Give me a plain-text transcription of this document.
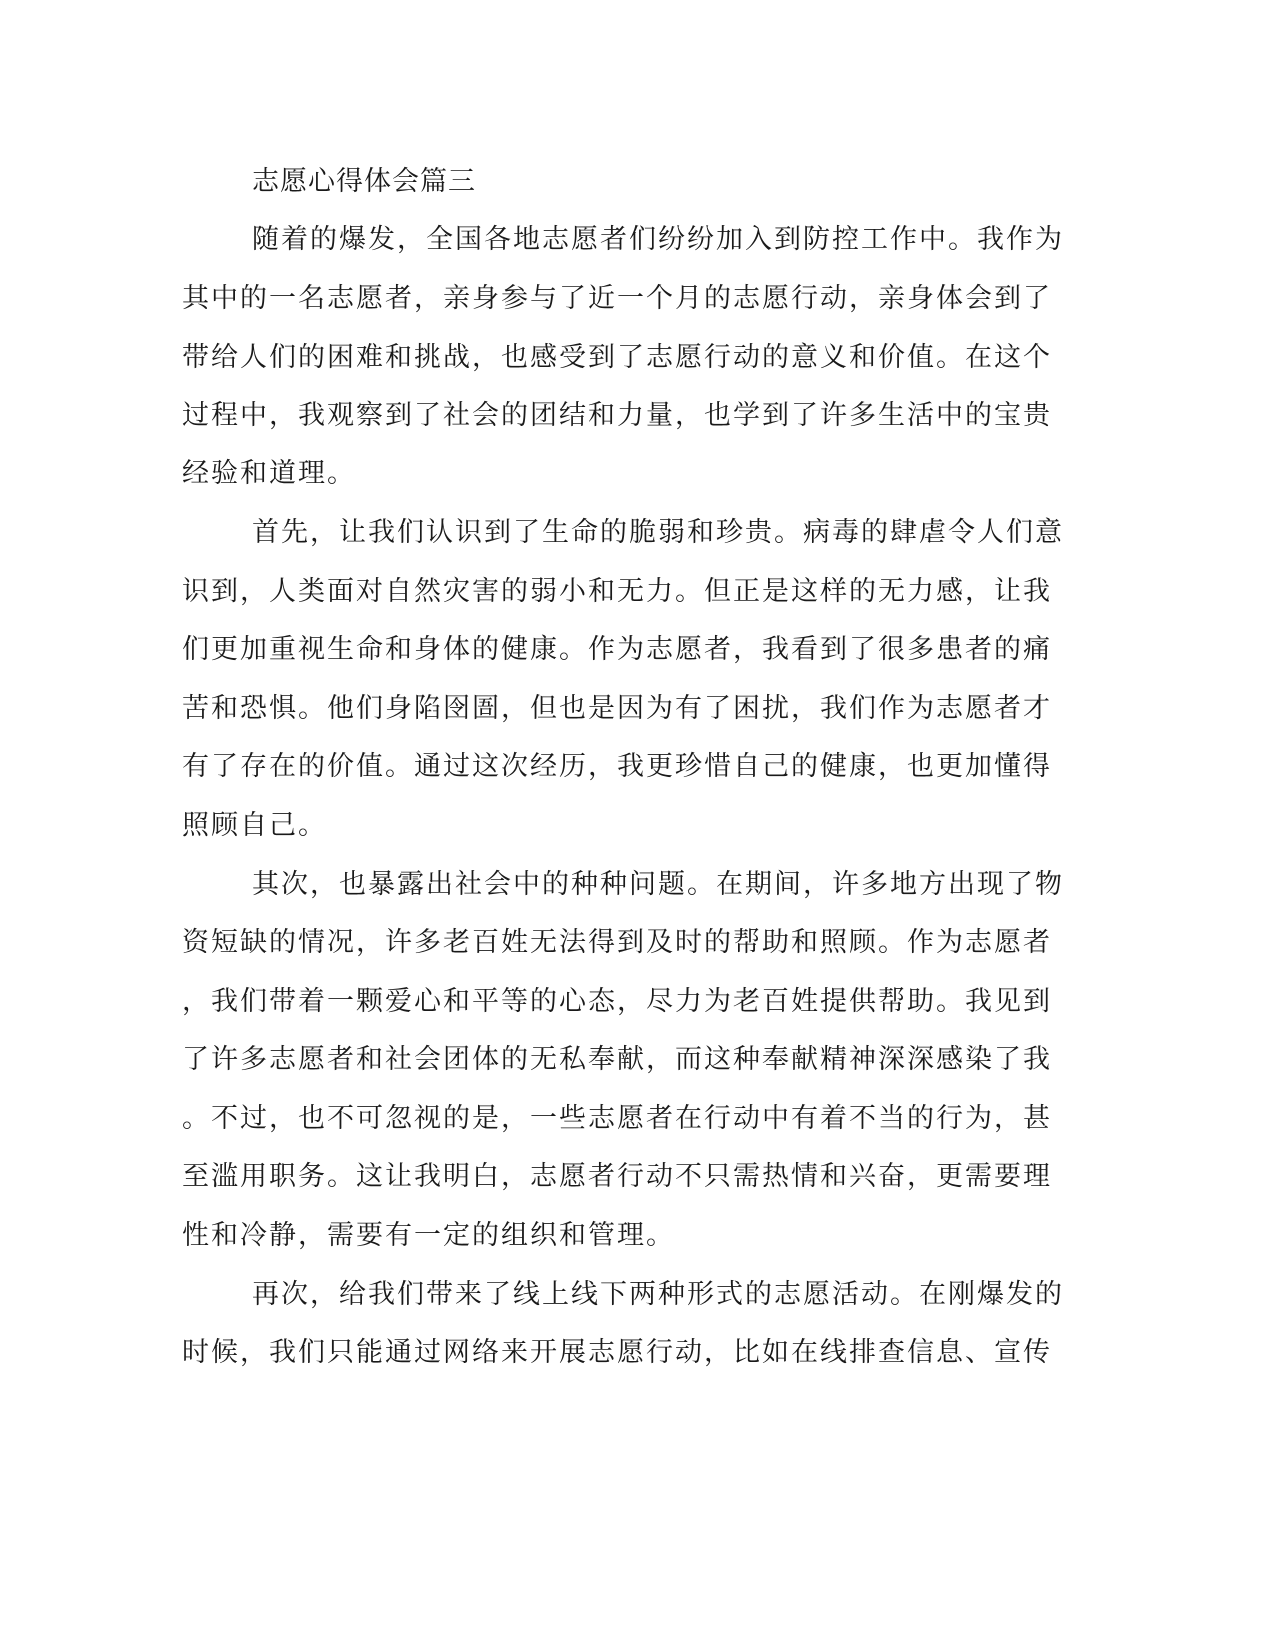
志愿心得体会篇三
随着的爆发，全国各地志愿者们纷纷加入到防控工作中。我作为
其中的一名志愿者，亲身参与了近一个月的志愿行动，亲身体会到了
带给人们的困难和挑战，也感受到了志愿行动的意义和价值。在这个
过程中，我观察到了社会的团结和力量，也学到了许多生活中的宝贵
经验和道理。
首先，让我们认识到了生命的脆弱和珍贵。病毒的肆虐令人们意
识到，人类面对自然灾害的弱小和无力。但正是这样的无力感，让我
们更加重视生命和身体的健康。作为志愿者，我看到了很多患者的痛
苦和恐惧。他们身陷囹圄，但也是因为有了困扰，我们作为志愿者才
有了存在的价值。通过这次经历，我更珍惜自己的健康，也更加懂得
照顾自己。
其次，也暴露出社会中的种种问题。在期间，许多地方出现了物
资短缺的情况，许多老百姓无法得到及时的帮助和照顾。作为志愿者
，我们带着一颗爱心和平等的心态，尽力为老百姓提供帮助。我见到
了许多志愿者和社会团体的无私奉献，而这种奉献精神深深感染了我
。不过，也不可忽视的是，一些志愿者在行动中有着不当的行为，甚
至滥用职务。这让我明白，志愿者行动不只需热情和兴奋，更需要理
性和冷静，需要有一定的组织和管理。
再次，给我们带来了线上线下两种形式的志愿活动。在刚爆发的
时候，我们只能通过网络来开展志愿行动，比如在线排查信息、宣传
